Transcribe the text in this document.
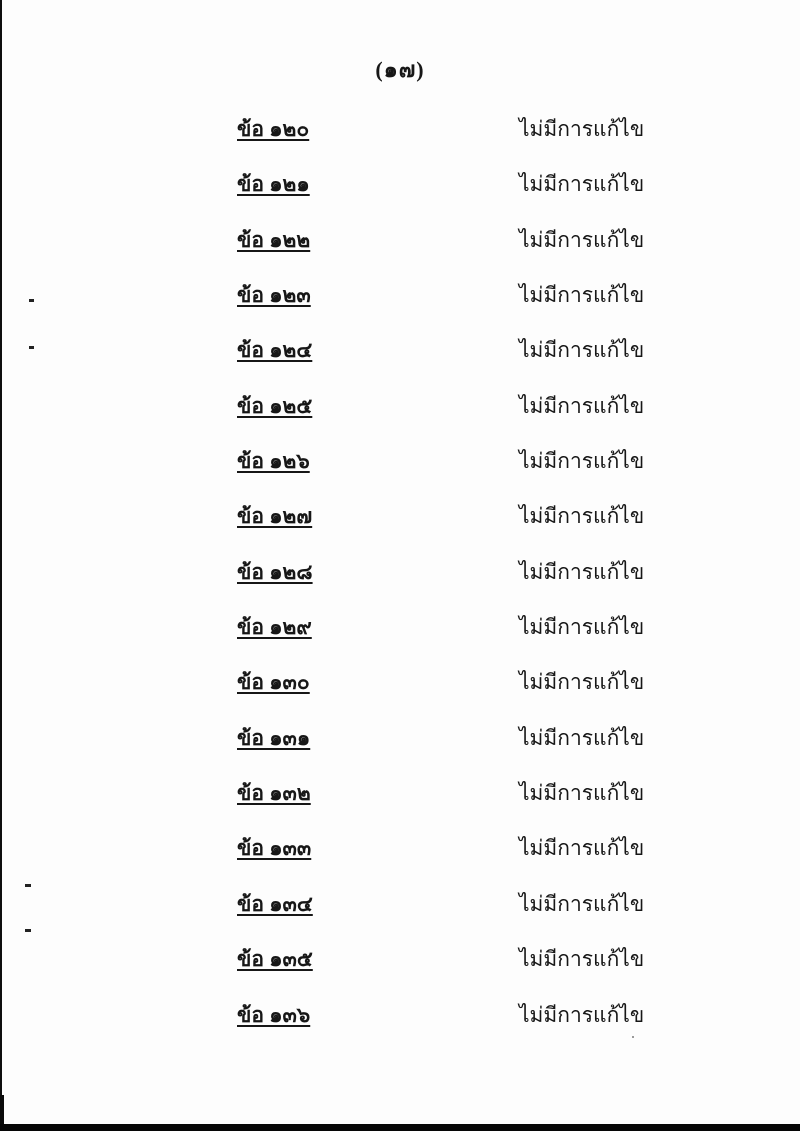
(๑๗)
ข้อ ๑๒๐	ไม่มีการแก้ไข
ข้อ ๑๒๑	ไม่มีการแก้ไข
ข้อ ๑๒๒	ไม่มีการแก้ไข
ข้อ ๑๒๓	ไม่มีการแก้ไข
ข้อ ๑๒๔	ไม่มีการแก้ไข
ข้อ ๑๒๕	ไม่มีการแก้ไข
ข้อ ๑๒๖	ไม่มีการแก้ไข
ข้อ ๑๒๗	ไม่มีการแก้ไข
ข้อ ๑๒๘	ไม่มีการแก้ไข
ข้อ ๑๒๙	ไม่มีการแก้ไข
ข้อ ๑๓๐	ไม่มีการแก้ไข
ข้อ ๑๓๑	ไม่มีการแก้ไข
ข้อ ๑๓๒	ไม่มีการแก้ไข
ข้อ ๑๓๓	ไม่มีการแก้ไข
ข้อ ๑๓๔	ไม่มีการแก้ไข
ข้อ ๑๓๕	ไม่มีการแก้ไข
ข้อ ๑๓๖	ไม่มีการแก้ไข
